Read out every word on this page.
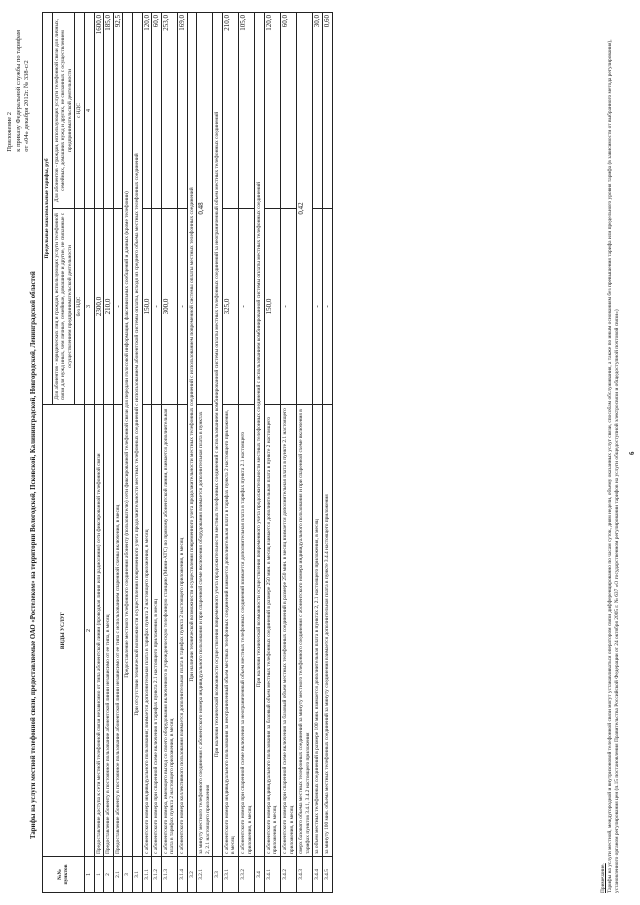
Приложение 2 к приказу Федеральной службы по тарифам от «04» декабря 2012г. № 338-с/2
Тарифы на услуги местной телефонной связи, предоставляемые ОАО «Ростелеком» на территории Вологодской, Псковской, Калининградской, Новгородской, Ленинградской областей
№№ пунктов	ВИДЫ УСЛУГ	Предельные максимальные тарифы, руб	
		Для абонентов - юридических лиц и граждан, использующих услуги телефонной связи для нужд иных, чем личные, семейные, домашние и другие, не связанные с осуществлением предпринимательской деятельности	Для абонентов - граждан, использующих услуги телефонной связи для личных, семейных, домашних нужд и других, не связанных с осуществлением предпринимательской деятельности
		без НДС	с НДС
1	2	3	4
1	Предоставление доступа к сети местной телефонной связи независимо от типа абонентской линии (проводная линия или радиолиния) сети фиксированной телефонной связи	2300,0	1600,0
2	Предоставление абоненту в постоянное пользование абонентской линии независимо от ее типа, в месяц	210,0	185,0
2.1	Предоставление абоненту в постоянное пользование абонентской линии независимо от ее типа с использованием спаренной схемы включения, в месяц	-	92,5
3	Предоставление местного телефонного соединения абоненту (пользователю) сети фиксированной телефонной связи для передачи голосовой информации, факсимильных сообщений и данных (кроме телефонии)		
3.1	При отсутствии технической возможности осуществления повременного учета продолжительности местных телефонных соединений с использованием абонентской системы оплаты, исходя из среднего объема местных телефонных соединений		
3.1.1	с абонентского номера индивидуального пользования; взимается дополнительная плата в тарифах пункта 2 настоящего приложения, в месяц	150,0	120,0
3.1.2	с абонентского номера при спаренной схеме включения в тарифах пункта 2.1 настоящего приложения, в месяц	-	60,0
3.1.3	с абонентского номера, имеющего выход со своего оборудования включенного в учрежденческую телефонную станцию (Мини-АТС) по прямому абонентской линии, взимается дополнительная плата в тарифах пункта 2 настоящего приложения, в месяц	300,0	253,0
3.1.4	с абонентского номера коллективного пользования взимается дополнительная плата в тарифах пункта 2 настоящего приложения, в месяц	-	169,0
3.2	При наличии технической возможности осуществления повременного учета продолжительности местных телефонных соединений с использованием повременной системы оплаты местных телефонных соединений		
3.2.1	за минуту местного телефонного соединения с абонентского номера индивидуального пользования и при спаренной схеме включения оборудования взимается дополнительная плата в пунктах 2, 2.1 настоящего приложения	0,48	
3.3	При наличии технической возможности осуществления повременного учета продолжительности местных телефонных соединений с использованием комбинированной системы оплаты местных телефонных соединений за неограниченный объем местных телефонных соединений		
3.3.1	с абонентского номера индивидуального пользования за неограниченный объем местных телефонных соединений взимается дополнительная плата в тарифах пункта 2 настоящего приложения, в месяц	325,0	210,0
3.3.2	с абонентского номера при спаренной схеме включения за неограниченный объем местных телефонных соединений взимается дополнительная плата в тарифах пункта 2.1 настоящего приложения, в месяц	-	105,0
3.4	При наличии технической возможности осуществления повременного учета продолжительности местных телефонных соединений с использованием комбинированной системы оплаты местных телефонных соединений		
3.4.1	с абонентского номера индивидуального пользования за базовый объем местных телефонных соединений в размере 250 мин. в месяц взимается дополнительная плата в пункте 2 настоящего приложения, в месяц	150,0	120,0
3.4.2	с абонентского номера при спаренной схеме включения за базовый объем местных телефонных соединений в размере 250 мин. в месяц взимается дополнительная плата в пункте 2.1 настоящего приложения, в месяц	-	60,0
3.4.3	сверх базового объема местных телефонных соединений за минуту местного телефонного соединения с абонентского номера индивидуального пользования и при спаренной схеме включения в тарифах пунктов 3.4.1, 3.4.2 настоящего приложения	0,42	
3.4.4	за объем местных телефонных соединений в размере 100 мин. взимается дополнительная плата в пунктах 2, 2.1 настоящего приложения, в месяц	-	30,0
3.4.5	за минуту 100 мин. объема местных телефонных соединений за минуту соединения взимается дополнительная плата в пункте 3.4.4 настоящего приложения	-	0,60
Примечание. Тарифы на услуги местной, междугородной и внутризоновой телефонной связи могут устанавливаться оператором связи дифференцированно по часам суток, дням недели, объему оказанных услуг связи, способам обслуживания, а также по иным основаниям без превышения тарифа или предельного уровня тарифа (в зависимости от выбранного метода регулирования), установленного органом регулирования цен (п.15 постановления Правительства Российской Федерации от 24 октября 2005 г. № 637 «О государственном регулировании тарифов на услуги общедоступной электросвязи и общедоступной почтовой связи») 6
